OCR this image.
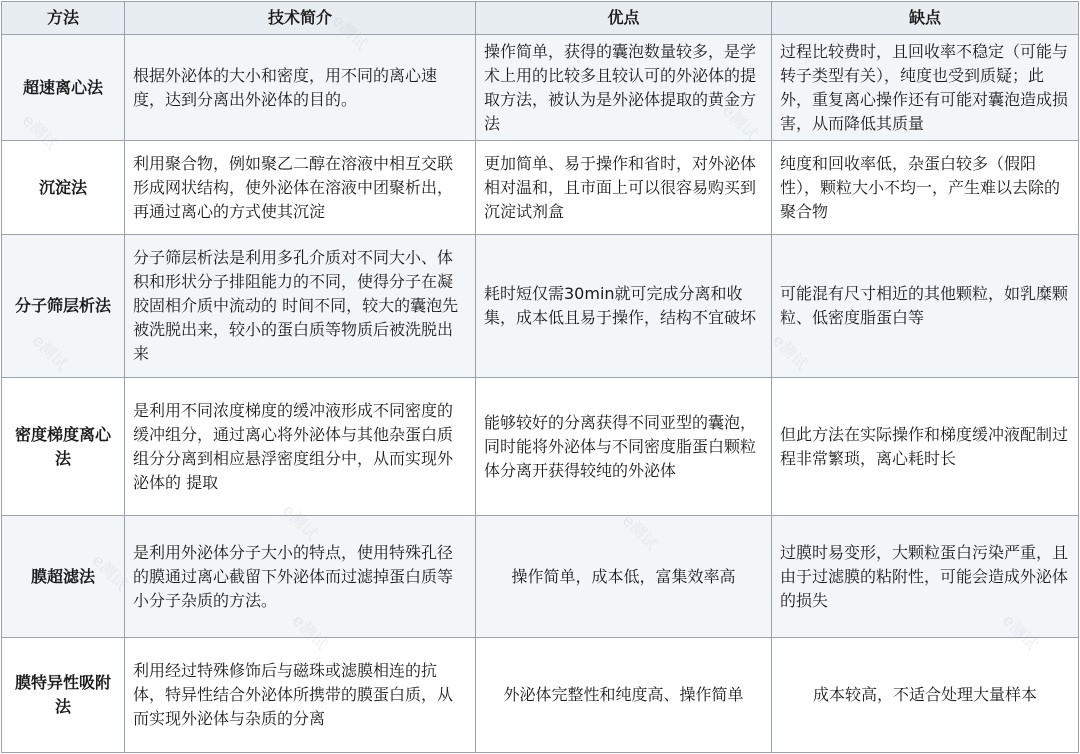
方法	技术简介	优点	缺点
超速离心法	根据外泌体的大小和密度，用不同的离心速度，达到分离出外泌体的目的。	操作简单，获得的囊泡数量较多，是学术上用的比较多且较认可的外泌体的提取方法，被认为是外泌体提取的黄金方法	过程比较费时，且回收率不稳定（可能与转子类型有关），纯度也受到质疑；此外，重复离心操作还有可能对囊泡造成损害，从而降低其质量
沉淀法	利用聚合物，例如聚乙二醇在溶液中相互交联形成网状结构，使外泌体在溶液中团聚析出，再通过离心的方式使其沉淀	更加简单、易于操作和省时，对外泌体相对温和，且市面上可以很容易购买到沉淀试剂盒	纯度和回收率低，杂蛋白较多（假阳性），颗粒大小不均一，产生难以去除的聚合物
分子筛层析法	分子筛层析法是利用多孔介质对不同大小、体积和形状分子排阻能力的不同，使得分子在凝胶固相介质中流动的 时间不同，较大的囊泡先被洗脱出来，较小的蛋白质等物质后被洗脱出来	耗时短仅需30min就可完成分离和收集，成本低且易于操作，结构不宜破坏	可能混有尺寸相近的其他颗粒，如乳糜颗粒、低密度脂蛋白等
密度梯度离心法	是利用不同浓度梯度的缓冲液形成不同密度的缓冲组分，通过离心将外泌体与其他杂蛋白质组分分离到相应悬浮密度组分中，从而实现外泌体的 提取	能够较好的分离获得不同亚型的囊泡，同时能将外泌体与不同密度脂蛋白颗粒体分离开获得较纯的外泌体	但此方法在实际操作和梯度缓冲液配制过程非常繁琐，离心耗时长
膜超滤法	是利用外泌体分子大小的特点，使用特殊孔径的膜通过离心截留下外泌体而过滤掉蛋白质等小分子杂质的方法。	操作简单，成本低，富集效率高	过膜时易变形，大颗粒蛋白污染严重，且由于过滤膜的粘附性，可能会造成外泌体的损失
膜特异性吸附法	利用经过特殊修饰后与磁珠或滤膜相连的抗体，特异性结合外泌体所携带的膜蛋白质，从而实现外泌体与杂质的分离	外泌体完整性和纯度高、操作简单	成本较高，不适合处理大量样本
